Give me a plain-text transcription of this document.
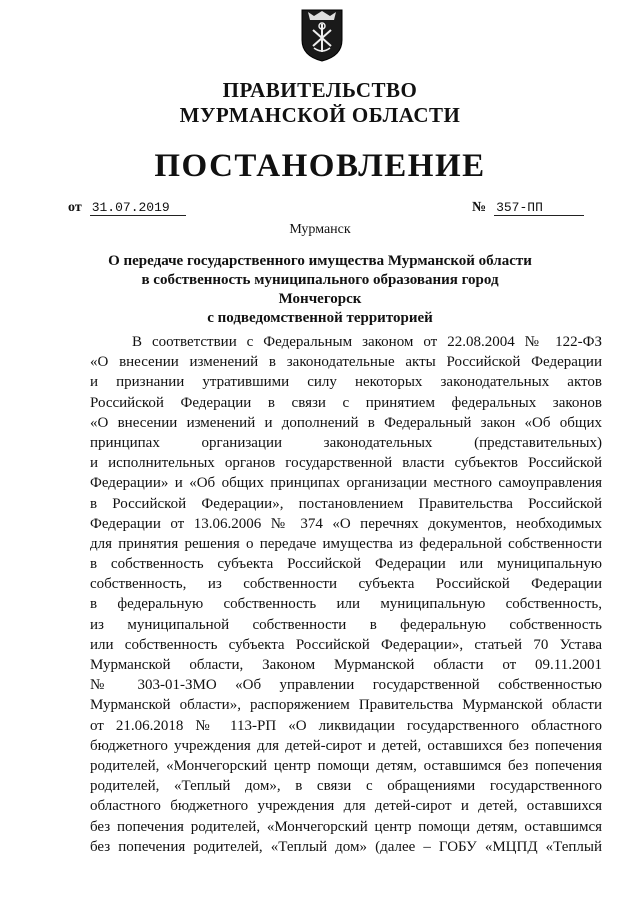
ПРАВИТЕЛЬСТВО
МУРМАНСКОЙ ОБЛАСТИ
ПОСТАНОВЛЕНИЕ
от 31.07.2019	№ 357-ПП
Мурманск
О передаче государственного имущества Мурманской области
в собственность муниципального образования город Мончегорск
с подведомственной территорией
В соответствии с Федеральным законом от 22.08.2004 № 122-ФЗ
«О внесении изменений в законодательные акты Российской Федерации
и признании утратившими силу некоторых законодательных актов
Российской Федерации в связи с принятием федеральных законов
«О внесении изменений и дополнений в Федеральный закон «Об общих
принципах организации законодательных (представительных)
и исполнительных органов государственной власти субъектов Российской
Федерации» и «Об общих принципах организации местного самоуправления
в Российской Федерации», постановлением Правительства Российской
Федерации от 13.06.2006 № 374 «О перечнях документов, необходимых
для принятия решения о передаче имущества из федеральной собственности
в собственность субъекта Российской Федерации или муниципальную
собственность, из собственности субъекта Российской Федерации
в федеральную собственность или муниципальную собственность,
из муниципальной собственности в федеральную собственность
или собственность субъекта Российской Федерации», статьей 70 Устава
Мурманской области, Законом Мурманской области от 09.11.2001
№ 303-01-ЗМО «Об управлении государственной собственностью
Мурманской области», распоряжением Правительства Мурманской области
от 21.06.2018 № 113-РП «О ликвидации государственного областного
бюджетного учреждения для детей-сирот и детей, оставшихся без попечения
родителей, «Мончегорский центр помощи детям, оставшимся без попечения
родителей, «Теплый дом», в связи с обращениями государственного
областного бюджетного учреждения для детей-сирот и детей, оставшихся
без попечения родителей, «Мончегорский центр помощи детям, оставшимся
без попечения родителей, «Теплый дом» (далее – ГОБУ «МЦПД «Теплый
